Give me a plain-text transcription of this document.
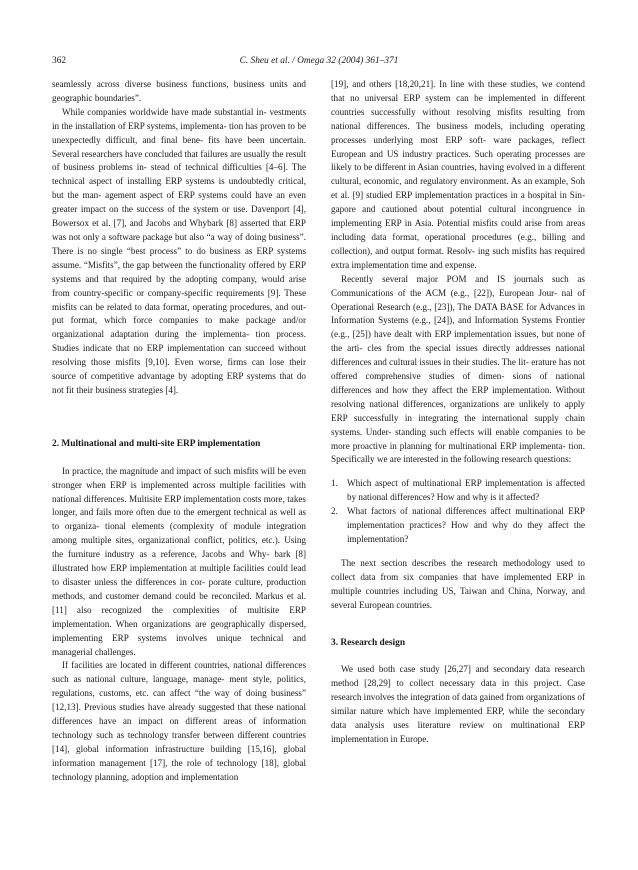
362	C. Sheu et al. / Omega 32 (2004) 361–371

seamlessly across diverse business functions, business units and geographic boundaries”.

While companies worldwide have made substantial in- vestments in the installation of ERP systems, implementa- tion has proven to be unexpectedly difficult, and final bene- fits have been uncertain. Several researchers have concluded that failures are usually the result of business problems in- stead of technical difficulties [4–6]. The technical aspect of installing ERP systems is undoubtedly critical, but the man- agement aspect of ERP systems could have an even greater impact on the success of the system or use. Davenport [4], Bowersox et al. [7], and Jacobs and Whybark [8] asserted that ERP was not only a software package but also “a way of doing business”. There is no single “best process” to do business as ERP systems assume. “Misfits”, the gap between the functionality offered by ERP systems and that required by the adopting company, would arise from country-specific or company-specific requirements [9]. These misfits can be related to data format, operating procedures, and out- put format, which force companies to make package and/or organizational adaptation during the implementa- tion process. Studies indicate that no ERP implementation can succeed without resolving those misfits [9,10]. Even worse, firms can lose their source of competitive advantage by adopting ERP systems that do not fit their business strategies [4].

2. Multinational and multi-site ERP implementation

In practice, the magnitude and impact of such misfits will be even stronger when ERP is implemented across multiple facilities with national differences. Multisite ERP implementation costs more, takes longer, and fails more often due to the emergent technical as well as to organiza- tional elements (complexity of module integration among multiple sites, organizational conflict, politics, etc.). Using the furniture industry as a reference, Jacobs and Why- bark [8] illustrated how ERP implementation at multiple facilities could lead to disaster unless the differences in cor- porate culture, production methods, and customer demand could be reconciled. Markus et al. [11] also recognized the complexities of multisite ERP implementation. When organizations are geographically dispersed, implementing ERP systems involves unique technical and managerial challenges.

If facilities are located in different countries, national differences such as national culture, language, manage- ment style, politics, regulations, customs, etc. can affect “the way of doing business” [12,13]. Previous studies have already suggested that these national differences have an impact on different areas of information technology such as technology transfer between different countries [14], global information infrastructure building [15,16], global information management [17], the role of technology [18], global technology planning, adoption and implementation

[19], and others [18,20,21]. In line with these studies, we contend that no universal ERP system can be implemented in different countries successfully without resolving misfits resulting from national differences. The business models, including operating processes underlying most ERP soft- ware packages, reflect European and US industry practices. Such operating processes are likely to be different in Asian countries, having evolved in a different cultural, economic, and regulatory environment. As an example, Soh et al. [9] studied ERP implementation practices in a hospital in Sin- gapore and cautioned about potential cultural incongruence in implementing ERP in Asia. Potential misfits could arise from areas including data format, operational procedures (e.g., billing and collection), and output format. Resolv- ing such misfits has required extra implementation time and expense.

Recently several major POM and IS journals such as Communications of the ACM (e.g., [22]), European Jour- nal of Operational Research (e.g., [23]), The DATA BASE for Advances in Information Systems (e.g., [24]), and Information Systems Frontier (e.g., [25]) have dealt with ERP implementation issues, but none of the arti- cles from the special issues directly addresses national differences and cultural issues in their studies. The lit- erature has not offered comprehensive studies of dimen- sions of national differences and how they affect the ERP implementation. Without resolving national differences, organizations are unlikely to apply ERP successfully in integrating the international supply chain systems. Under- standing such effects will enable companies to be more proactive in planning for multinational ERP implementa- tion. Specifically we are interested in the following research questions:

1. Which aspect of multinational ERP implementation is affected by national differences? How and why is it affected?
2. What factors of national differences affect multinational ERP implementation practices? How and why do they affect the implementation?

The next section describes the research methodology used to collect data from six companies that have implemented ERP in multiple countries including US, Taiwan and China, Norway, and several European countries.

3. Research design

We used both case study [26,27] and secondary data research method [28,29] to collect necessary data in this project. Case research involves the integration of data gained from organizations of similar nature which have implemented ERP, while the secondary data analysis uses literature review on multinational ERP implementation in Europe.
